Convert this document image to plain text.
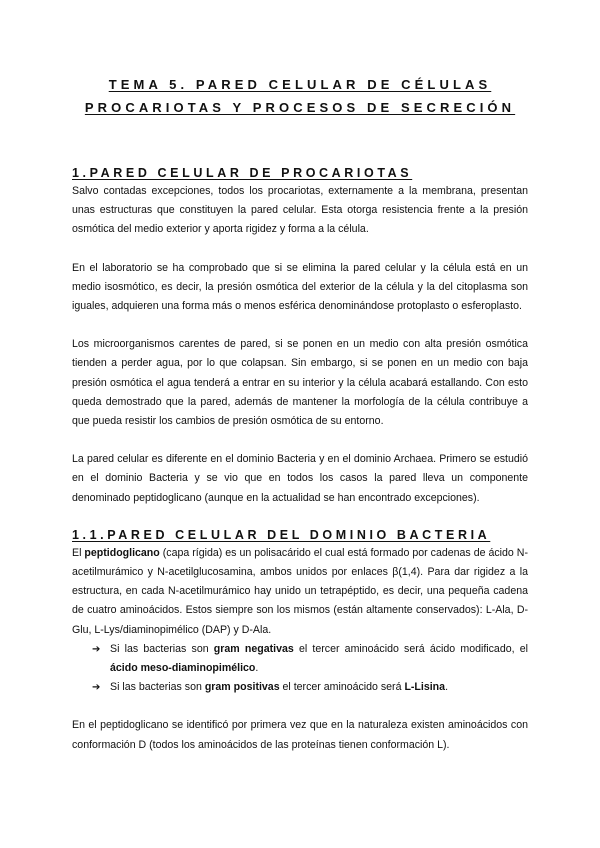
TEMA 5. PARED CELULAR DE CÉLULAS
PROCARIOTAS Y PROCESOS DE SECRECIÓN
1.PARED CELULAR DE PROCARIOTAS

Salvo contadas excepciones, todos los procariotas, externamente a la membrana, presentan unas estructuras que constituyen la pared celular. Esta otorga resistencia frente a la presión osmótica del medio exterior y aporta rigidez y forma a la célula.

En el laboratorio se ha comprobado que si se elimina la pared celular y la célula está en un medio isosmótico, es decir, la presión osmótica del exterior de la célula y la del citoplasma son iguales, adquieren una forma más o menos esférica denominándose protoplasto o esferoplasto.

Los microorganismos carentes de pared, si se ponen en un medio con alta presión osmótica tienden a perder agua, por lo que colapsan. Sin embargo, si se ponen en un medio con baja presión osmótica el agua tenderá a entrar en su interior y la célula acabará estallando. Con esto queda demostrado que la pared, además de mantener la morfología de la célula contribuye a que pueda resistir los cambios de presión osmótica de su entorno.

La pared celular es diferente en el dominio Bacteria y en el dominio Archaea. Primero se estudió en el dominio Bacteria y se vio que en todos los casos la pared lleva un componente denominado peptidoglicano (aunque en la actualidad se han encontrado excepciones).

1.1.PARED CELULAR DEL DOMINIO BACTERIA

El peptidoglicano (capa rígida) es un polisacárido el cual está formado por cadenas de ácido N-acetilmurámico y N-acetilglucosamina, ambos unidos por enlaces β(1,4). Para dar rigidez a la estructura, en cada N-acetilmurámico hay unido un tetrapéptido, es decir, una pequeña cadena de cuatro aminoácidos. Estos siempre son los mismos (están altamente conservados): L-Ala, D-Glu, L-Lys/diaminopimélico (DAP) y D-Ala.

➔ Si las bacterias son gram negativas el tercer aminoácido será ácido modificado, el ácido meso-diaminopimélico.
➔ Si las bacterias son gram positivas el tercer aminoácido será L-Lisina.

En el peptidoglicano se identificó por primera vez que en la naturaleza existen aminoácidos con conformación D (todos los aminoácidos de las proteínas tienen conformación L).
